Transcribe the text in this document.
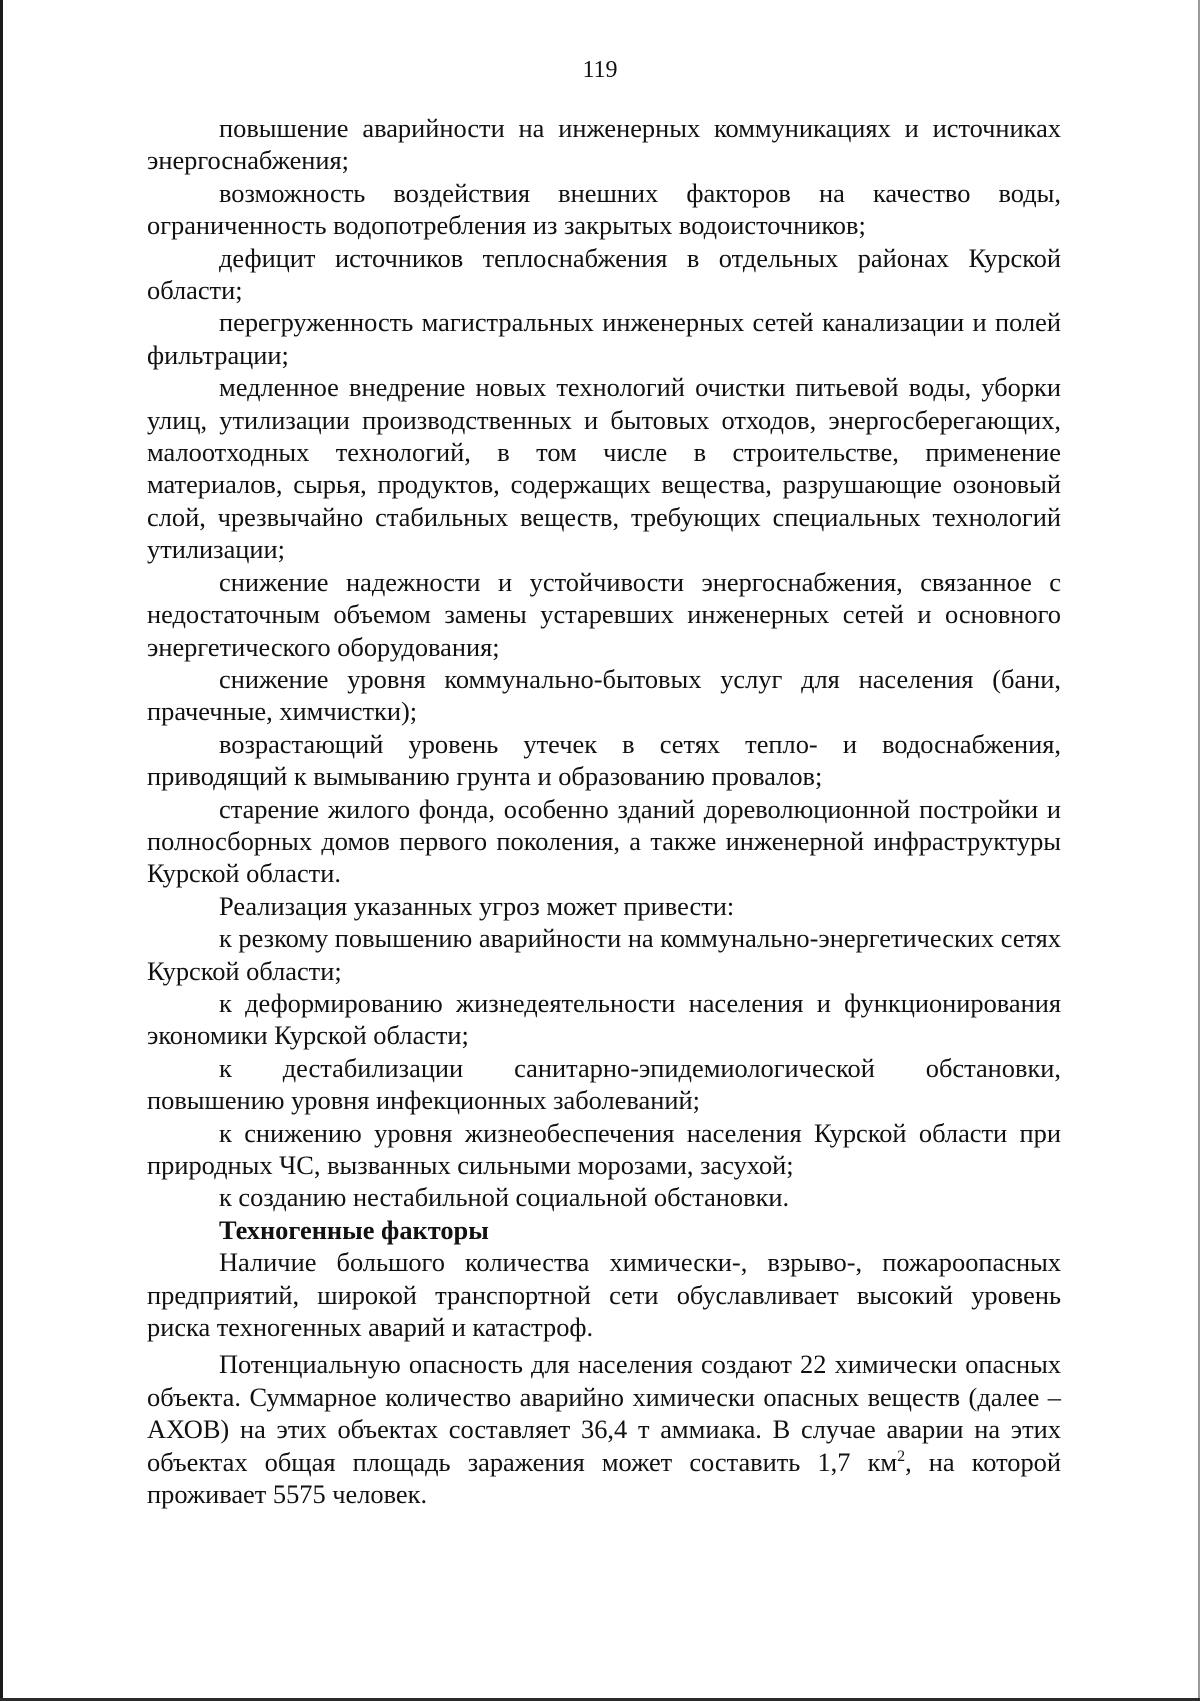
119

повышение аварийности на инженерных коммуникациях и источниках энергоснабжения;

возможность воздействия внешних факторов на качество воды, ограниченность водопотребления из закрытых водоисточников;

дефицит источников теплоснабжения в отдельных районах Курской области;

перегруженность магистральных инженерных сетей канализации и полей фильтрации;

медленное внедрение новых технологий очистки питьевой воды, уборки улиц, утилизации производственных и бытовых отходов, энергосберегающих, малоотходных технологий, в том числе в строительстве, применение материалов, сырья, продуктов, содержащих вещества, разрушающие озоновый слой, чрезвычайно стабильных веществ, требующих специальных технологий утилизации;

снижение надежности и устойчивости энергоснабжения, связанное с недостаточным объемом замены устаревших инженерных сетей и основного энергетического оборудования;

снижение уровня коммунально-бытовых услуг для населения (бани, прачечные, химчистки);

возрастающий уровень утечек в сетях тепло- и водоснабжения, приводящий к вымыванию грунта и образованию провалов;

старение жилого фонда, особенно зданий дореволюционной постройки и полносборных домов первого поколения, а также инженерной инфраструктуры Курской области.

Реализация указанных угроз может привести:

к резкому повышению аварийности на коммунально-энергетических сетях Курской области;

к деформированию жизнедеятельности населения и функционирования экономики Курской области;

к дестабилизации санитарно-эпидемиологической обстановки, повышению уровня инфекционных заболеваний;

к снижению уровня жизнеобеспечения населения Курской области при природных ЧС, вызванных сильными морозами, засухой;

к созданию нестабильной социальной обстановки.

Техногенные факторы

Наличие большого количества химически-, взрыво-, пожароопасных предприятий, широкой транспортной сети обуславливает высокий уровень риска техногенных аварий и катастроф.

Потенциальную опасность для населения создают 22 химически опасных объекта. Суммарное количество аварийно химически опасных веществ (далее – АХОВ) на этих объектах составляет 36,4 т аммиака. В случае аварии на этих объектах общая площадь заражения может составить 1,7 $км^2$, на которой проживает 5575 человек.
